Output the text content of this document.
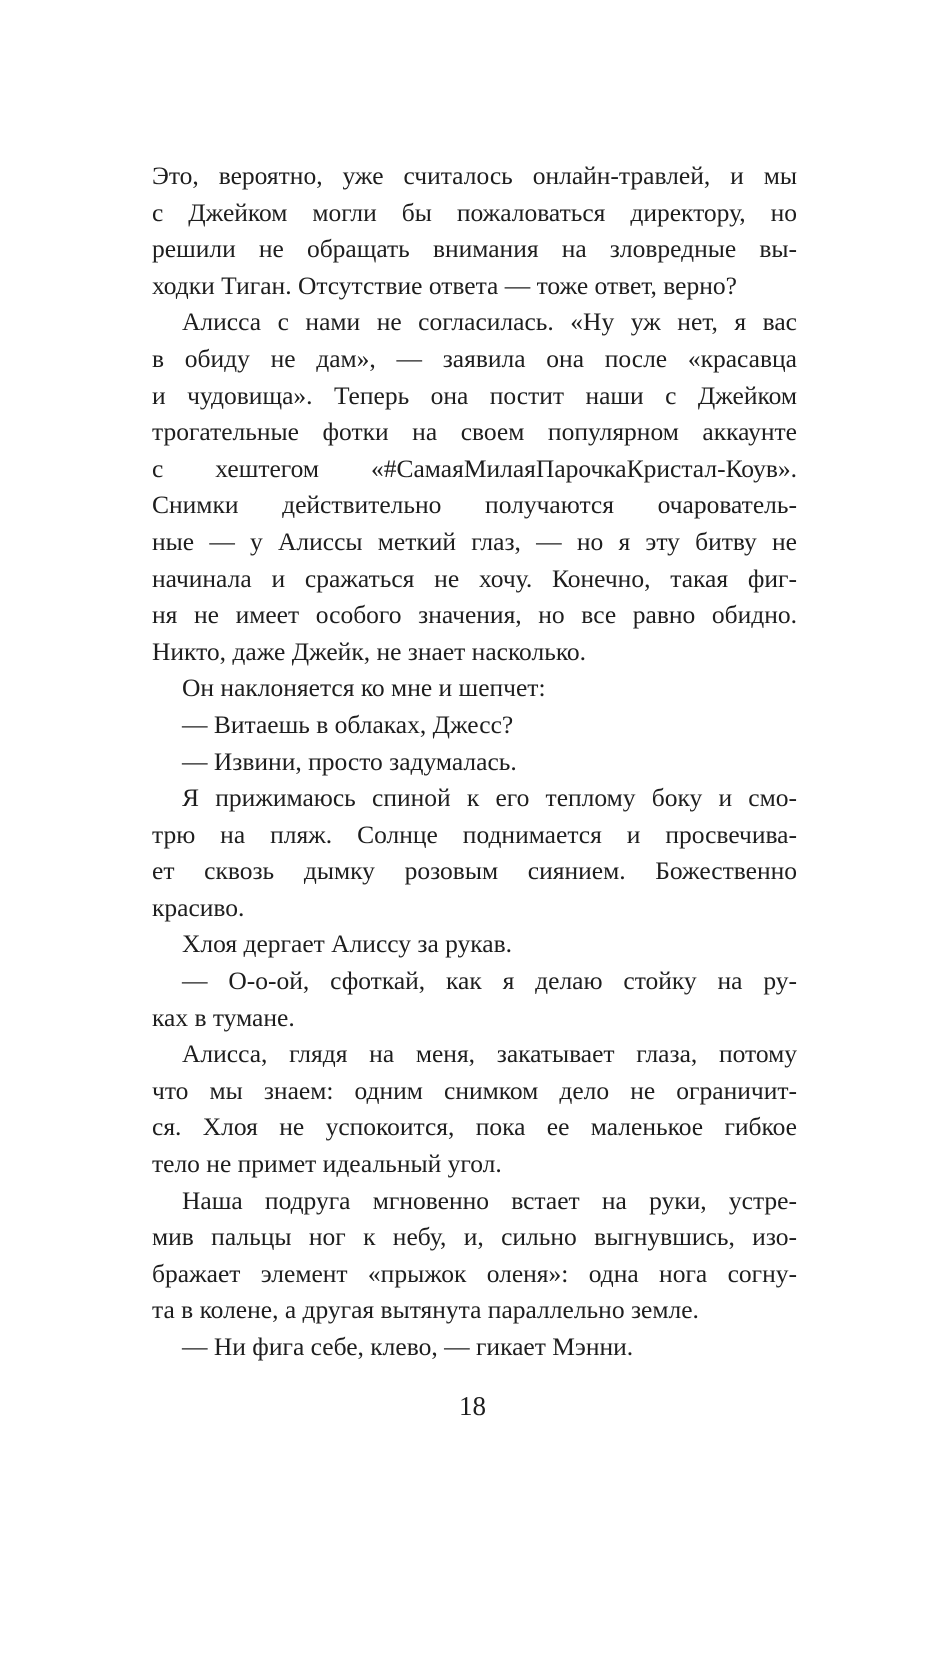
Это, вероятно, уже считалось онлайн-травлей, и мы
с Джейком могли бы пожаловаться директору, но
решили не обращать внимания на зловредные вы-
ходки Тиган. Отсутствие ответа — тоже ответ, верно?
Алисса с нами не согласилась. «Ну уж нет, я вас
в обиду не дам», — заявила она после «красавца
и чудовища». Теперь она постит наши с Джейком
трогательные фотки на своем популярном аккаунте
с хештегом «#СамаяМилаяПарочкаКристал-Коув».
Снимки действительно получаются очарователь-
ные — у Алиссы меткий глаз, — но я эту битву не
начинала и сражаться не хочу. Конечно, такая фиг-
ня не имеет особого значения, но все равно обидно.
Никто, даже Джейк, не знает насколько.
Он наклоняется ко мне и шепчет:
— Витаешь в облаках, Джесс?
— Извини, просто задумалась.
Я прижимаюсь спиной к его теплому боку и смо-
трю на пляж. Солнце поднимается и просвечива-
ет сквозь дымку розовым сиянием. Божественно
красиво.
Хлоя дергает Алиссу за рукав.
— О-о-ой, сфоткай, как я делаю стойку на ру-
ках в тумане.
Алисса, глядя на меня, закатывает глаза, потому
что мы знаем: одним снимком дело не ограничит-
ся. Хлоя не успокоится, пока ее маленькое гибкое
тело не примет идеальный угол.
Наша подруга мгновенно встает на руки, устре-
мив пальцы ног к небу, и, сильно выгнувшись, изо-
бражает элемент «прыжок оленя»: одна нога согну-
та в колене, а другая вытянута параллельно земле.
— Ни фига себе, клево, — гикает Мэнни.
18
